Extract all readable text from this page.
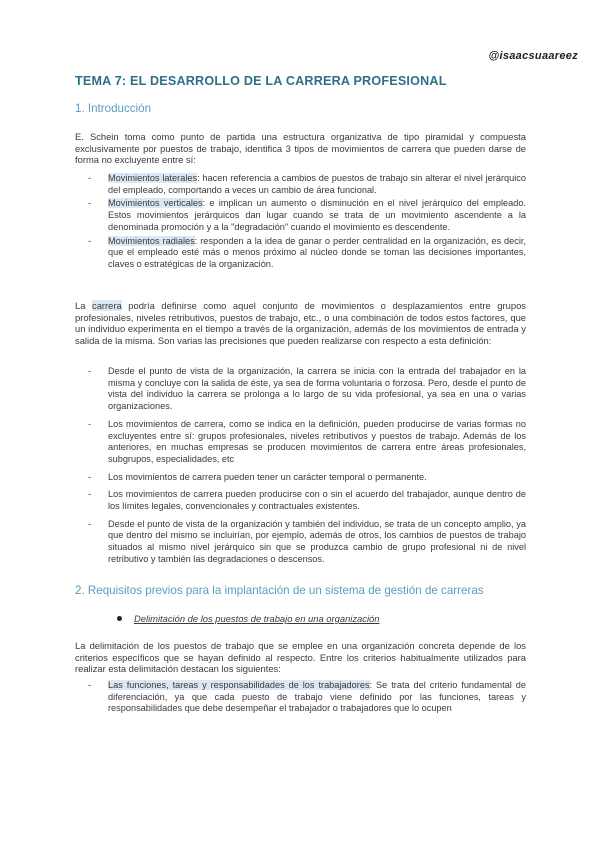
@isaacsuaareez
TEMA 7: EL DESARROLLO DE LA CARRERA PROFESIONAL
1. Introducción

E. Schein toma como punto de partida una estructura organizativa de tipo piramidal y compuesta exclusivamente por puestos de trabajo, identifica 3 tipos de movimientos de carrera que pueden darse de forma no excluyente entre sí:

-	Movimientos laterales: hacen referencia a cambios de puestos de trabajo sin alterar el nivel jerárquico del empleado, comportando a veces un cambio de área funcional.
-	Movimientos verticales: e implican un aumento o disminución en el nivel jerárquico del empleado. Estos movimientos jerárquicos dan lugar cuando se trata de un movimiento ascendente a la denominada promoción y a la "degradación" cuando el movimiento es descendente.
-	Movimientos radiales: responden a la idea de ganar o perder centralidad en la organización, es decir, que el empleado esté más o menos próximo al núcleo donde se toman las decisiones importantes, claves o estratégicas de la organización.

La carrera podría definirse como aquel conjunto de movimientos o desplazamientos entre grupos profesionales, niveles retributivos, puestos de trabajo, etc., o una combinación de todos estos factores, que un individuo experimenta en el tiempo a través de la organización, además de los movimientos de entrada y salida de la misma. Son varias las precisiones que pueden realizarse con respecto a esta definición:

-	Desde el punto de vista de la organización, la carrera se inicia con la entrada del trabajador en la misma y concluye con la salida de éste, ya sea de forma voluntaria o forzosa. Pero, desde el punto de vista del individuo la carrera se prolonga a lo largo de su vida profesional, ya sea en una o varias organizaciones.
-	Los movimientos de carrera, como se indica en la definición, pueden producirse de varias formas no excluyentes entre sí: grupos profesionales, niveles retributivos y puestos de trabajo. Además de los anteriores, en muchas empresas se producen movimientos de carrera entre áreas profesionales, subgrupos, especialidades, etc
-	Los movimientos de carrera pueden tener un carácter temporal o permanente.
-	Los movimientos de carrera pueden producirse con o sin el acuerdo del trabajador, aunque dentro de los límites legales, convencionales y contractuales existentes.
-	Desde el punto de vista de la organización y también del individuo, se trata de un concepto amplio, ya que dentro del mismo se incluirían, por ejemplo, además de otros, los cambios de puestos de trabajo situados al mismo nivel jerárquico sin que se produzca cambio de grupo profesional ni de nivel retributivo y también las degradaciones o descensos.
2. Requisitos previos para la implantación de un sistema de gestión de carreras
Delimitación de los puestos de trabajo en una organización

La delimitación de los puestos de trabajo que se emplee en una organización concreta depende de los criterios específicos que se hayan definido al respecto. Entre los criterios habitualmente utilizados para realizar esta delimitación destacan los siguientes:

-	Las funciones, tareas y responsabilidades de los trabajadores: Se trata del criterio fundamental de diferenciación, ya que cada puesto de trabajo viene definido por las funciones, tareas y responsabilidades que debe desempeñar el trabajador o trabajadores que lo ocupen
